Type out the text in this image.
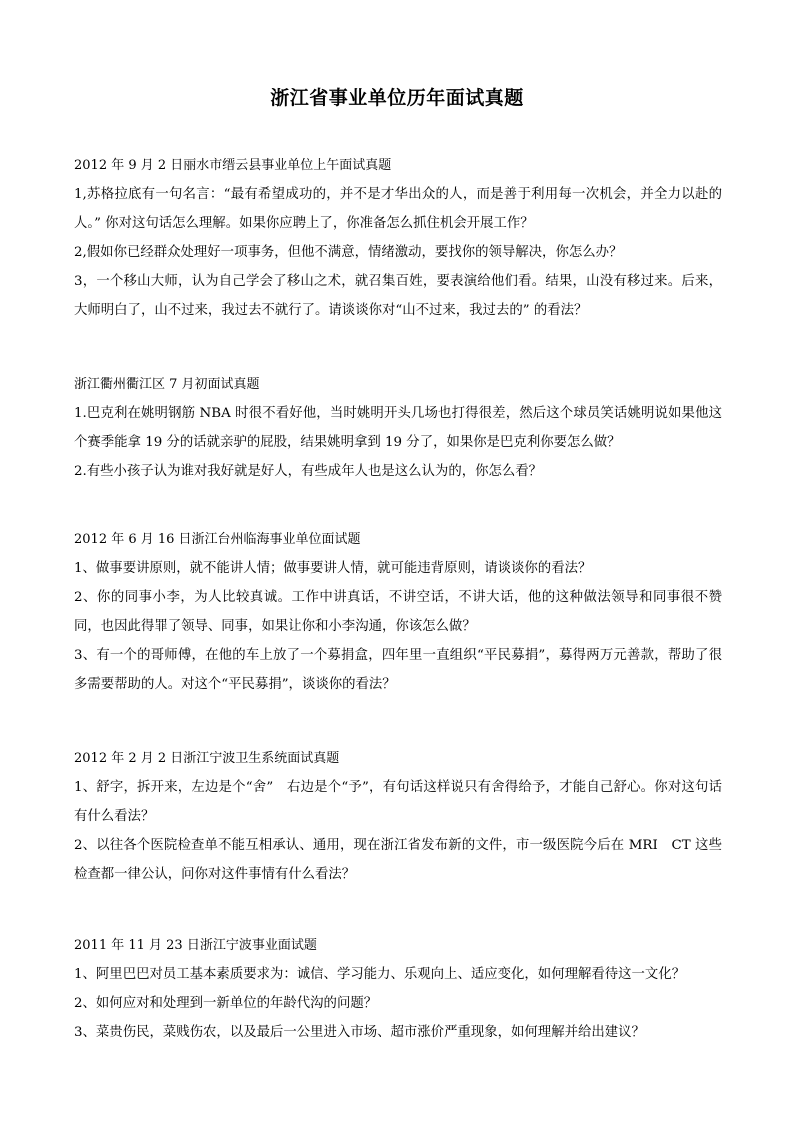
浙江省事业单位历年面试真题

2012 年 9 月 2 日丽水市缙云县事业单位上午面试真题

1,苏格拉底有一句名言：“最有希望成功的，并不是才华出众的人，而是善于利用每一次机会，并全力以赴的人。” 你对这句话怎么理解。如果你应聘上了，你准备怎么抓住机会开展工作？

2,假如你已经群众处理好一项事务，但他不满意，情绪激动，要找你的领导解决，你怎么办？

3，一个移山大师，认为自己学会了移山之术，就召集百姓，要表演给他们看。结果，山没有移过来。后来，大师明白了，山不过来，我过去不就行了。请谈谈你对“山不过来，我过去的” 的看法？

浙江衢州衢江区 7 月初面试真题

1.巴克利在姚明钢筋 NBA 时很不看好他，当时姚明开头几场也打得很差，然后这个球员笑话姚明说如果他这个赛季能拿 19 分的话就亲驴的屁股，结果姚明拿到 19 分了，如果你是巴克利你要怎么做？

2.有些小孩子认为谁对我好就是好人，有些成年人也是这么认为的，你怎么看？

2012 年 6 月 16 日浙江台州临海事业单位面试题

1、做事要讲原则，就不能讲人情；做事要讲人情，就可能违背原则，请谈谈你的看法？

2、你的同事小李，为人比较真诚。工作中讲真话，不讲空话，不讲大话，他的这种做法领导和同事很不赞同，也因此得罪了领导、同事，如果让你和小李沟通，你该怎么做？

3、有一个的哥师傅，在他的车上放了一个募捐盒，四年里一直组织“平民募捐”，募得两万元善款，帮助了很多需要帮助的人。对这个“平民募捐”，谈谈你的看法？

2012 年 2 月 2 日浙江宁波卫生系统面试真题

1、舒字，拆开来，左边是个“舍”　右边是个“予”，有句话这样说只有舍得给予，才能自己舒心。你对这句话有什么看法？

2、以往各个医院检查单不能互相承认、通用，现在浙江省发布新的文件，市一级医院今后在 MRI　CT 这些检查都一律公认，问你对这件事情有什么看法？

2011 年 11 月 23 日浙江宁波事业面试题

1、阿里巴巴对员工基本素质要求为：诚信、学习能力、乐观向上、适应变化，如何理解看待这一文化？

2、如何应对和处理到一新单位的年龄代沟的问题？

3、菜贵伤民，菜贱伤农，以及最后一公里进入市场、超市涨价严重现象，如何理解并给出建议？
